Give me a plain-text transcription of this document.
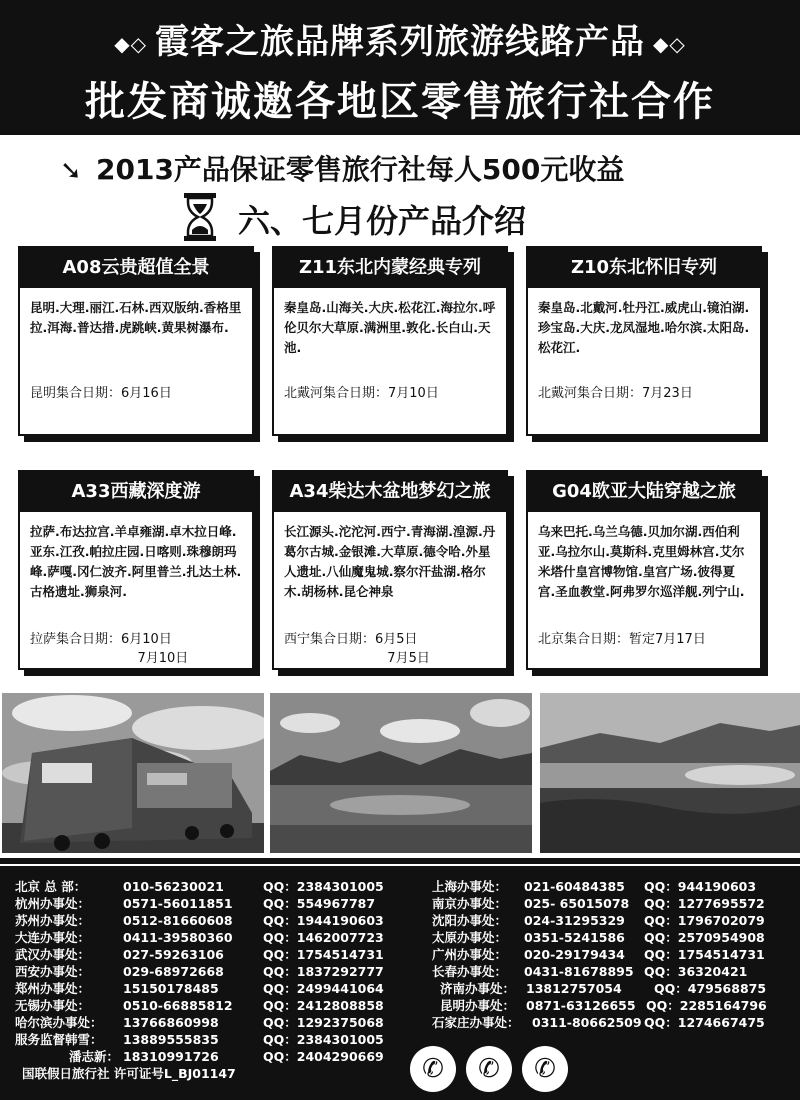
◆◇ 霞客之旅品牌系列旅游线路产品 ◆◇
批发商诚邀各地区零售旅行社合作
➘ 2013产品保证零售旅行社每人500元收益
六、七月份产品介绍
A08云贵超值全景
昆明.大理.丽江.石林.西双版纳.香格里拉.洱海.普达措.虎跳峡.黄果树瀑布.
昆明集合日期：6月16日
Z11东北内蒙经典专列
秦皇岛.山海关.大庆.松花江.海拉尔.呼伦贝尔大草原.满洲里.敦化.长白山.天池.
北戴河集合日期：7月10日
Z10东北怀旧专列
秦皇岛.北戴河.牡丹江.威虎山.镜泊湖.珍宝岛.大庆.龙凤湿地.哈尔滨.太阳岛.松花江.
北戴河集合日期：7月23日
A33西藏深度游
拉萨.布达拉宫.羊卓雍湖.卓木拉日峰.亚东.江孜.帕拉庄园.日喀则.珠穆朗玛峰.萨嘎.冈仁波齐.阿里普兰.扎达土林.古格遗址.狮泉河.
拉萨集合日期：6月10日
7月10日
A34柴达木盆地梦幻之旅
长江源头.沱沱河.西宁.青海湖.湟源.丹葛尔古城.金银滩.大草原.德令哈.外星人遗址.八仙魔鬼城.察尔汗盐湖.格尔木.胡杨林.昆仑神泉
西宁集合日期：6月5日
7月5日
G04欧亚大陆穿越之旅
乌来巴托.乌兰乌德.贝加尔湖.西伯利亚.乌拉尔山.莫斯科.克里姆林宫.艾尔米塔什皇宫博物馆.皇宫广场.彼得夏宫.圣血教堂.阿弗罗尔巡洋舰.列宁山.
北京集合日期：暂定7月17日
北京 总 部：	010-56230021	QQ：2384301005
杭州办事处：	0571-56011851 QQ：554967787
苏州办事处：	0512-81660608 QQ：1944190603
大连办事处：	0411-39580360 QQ：1462007723
武汉办事处：	027-59263106	QQ：1754514731
西安办事处：	029-68972668	QQ：1837292777
郑州办事处：	15150178485	QQ：2499441064
无锡办事处：	0510-66885812 QQ：2412808858
哈尔滨办事处： 13766860998	QQ：1292375068
服务监督韩雪： 13889555835	QQ：2384301005
潘志新： 18310991726	QQ：2404290669
国联假日旅行社 许可证号L_BJ01147
上海办事处： 021-60484385 QQ：944190603
南京办事处： 025- 65015078 QQ：1277695572
沈阳办事处： 024-31295329 QQ：1796702079
太原办事处： 0351-5241586 QQ：2570954908
广州办事处： 020-29179434 QQ：1754514731
长春办事处： 0431-81678895 QQ：36320421
济南办事处： 13812757054	QQ：479568875
昆明办事处： 0871-63126655 QQ：2285164796
石家庄办事处： 0311-80662509 QQ：1274667475
✆	✆	✆
